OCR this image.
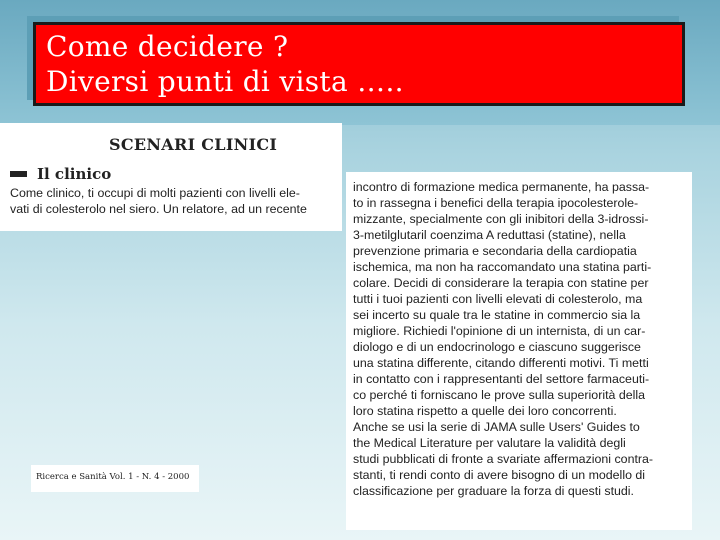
Come decidere ?
Diversi punti di vista …..
SCENARI CLINICI
Il clinico
Come clinico, ti occupi di molti pazienti con livelli ele-
vati di colesterolo nel siero. Un relatore, ad un recente
Ricerca e Sanità Vol. 1 - N. 4 - 2000
incontro di formazione medica permanente, ha passa-
to in rassegna i benefici della terapia ipocolesterole-
mizzante, specialmente con gli inibitori della 3-idrossi-
3-metilglutaril coenzima A reduttasi (statine), nella
prevenzione primaria e secondaria della cardiopatia
ischemica, ma non ha raccomandato una statina parti-
colare. Decidi di considerare la terapia con statine per
tutti i tuoi pazienti con livelli elevati di colesterolo, ma
sei incerto su quale tra le statine in commercio sia la
migliore. Richiedi l'opinione di un internista, di un car-
diologo e di un endocrinologo e ciascuno suggerisce
una statina differente, citando differenti motivi. Ti metti
in contatto con i rappresentanti del settore farmaceuti-
co perché ti forniscano le prove sulla superiorità della
loro statina rispetto a quelle dei loro concorrenti.
Anche se usi la serie di JAMA sulle Users' Guides to
the Medical Literature per valutare la validità degli
studi pubblicati di fronte a svariate affermazioni contra-
stanti, ti rendi conto di avere bisogno di un modello di
classificazione per graduare la forza di questi studi.
